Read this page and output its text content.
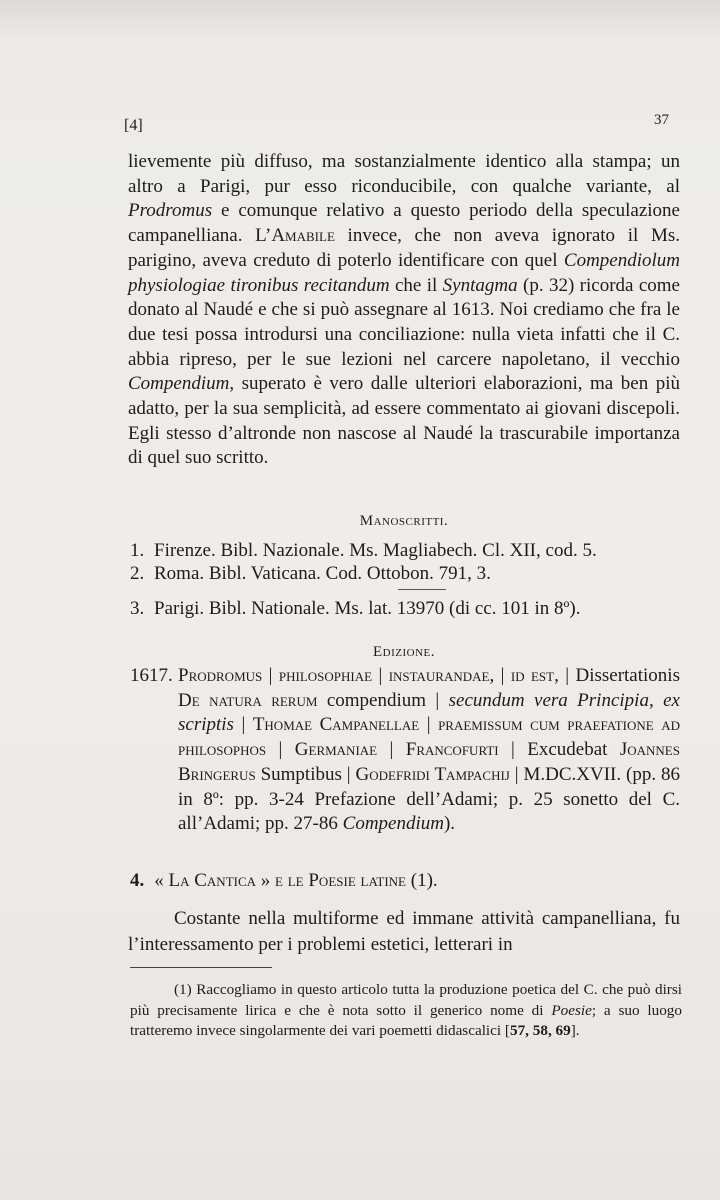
[4]	37

lievemente più diffuso, ma sostanzialmente identico alla stampa; un altro a Parigi, pur esso riconducibile, con qualche variante, al Prodromus e comunque relativo a questo periodo della speculazione campanelliana. L’Amabile invece, che non aveva ignorato il Ms. parigino, aveva creduto di poterlo identificare con quel Compendiolum physiologiae tironibus recitandum che il Syntagma (p. 32) ricorda come donato al Naudé e che si può assegnare al 1613. Noi crediamo che fra le due tesi possa introdursi una conciliazione: nulla vieta infatti che il C. abbia ripreso, per le sue lezioni nel carcere napoletano, il vecchio Compendium, superato è vero dalle ulteriori elaborazioni, ma ben più adatto, per la sua semplicità, ad essere commentato ai giovani discepoli. Egli stesso d’altronde non nascose al Naudé la trascurabile importanza di quel suo scritto.

Manoscritti.
1. Firenze. Bibl. Nazionale. Ms. Magliabech. Cl. XII, cod. 5.
2. Roma. Bibl. Vaticana. Cod. Ottobon. 791, 3.
3. Parigi. Bibl. Nationale. Ms. lat. 13970 (di cc. 101 in 8º).
Edizione.
1617. Prodromus | philosophiae | instaurandae, | id est, | Dissertationis De natura rerum compendium | secundum vera Principia, ex scriptis | Thomae Campanellae | praemissum cum praefatione ad philosophos | Germaniae | Francofurti | Excudebat Joannes Bringerus Sumptibus | Godefridi Tampachij | M.DC.XVII. (pp. 86 in 8º: pp. 3-24 Prefazione dell’Adami; p. 25 sonetto del C. all’Adami; pp. 27-86 Compendium).
4. « La Cantica » e le Poesie latine (1).
Costante nella multiforme ed immane attività campanelliana, fu l’interessamento per i problemi estetici, letterari in
(1) Raccogliamo in questo articolo tutta la produzione poetica del C. che può dirsi più precisamente lirica e che è nota sotto il generico nome di Poesie; a suo luogo tratteremo invece singolarmente dei vari poemetti didascalici [57, 58, 69].
